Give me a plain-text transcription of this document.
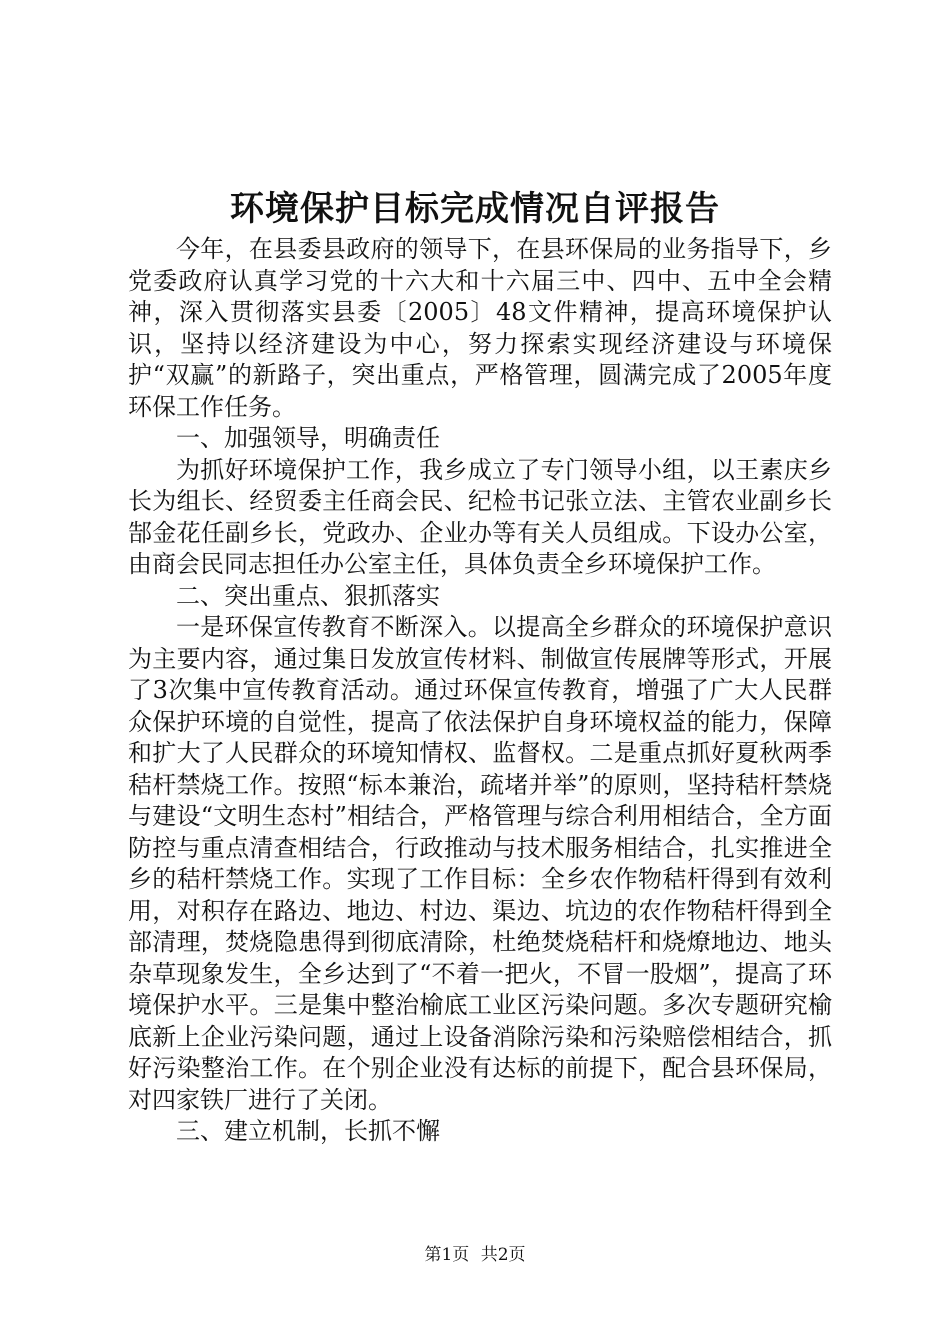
环境保护目标完成情况自评报告

今年，在县委县政府的领导下，在县环保局的业务指导下，乡党委政府认真学习党的十六大和十六届三中、四中、五中全会精神，深入贯彻落实县委〔2005〕48文件精神，提高环境保护认识，坚持以经济建设为中心，努力探索实现经济建设与环境保护“双赢”的新路子，突出重点，严格管理，圆满完成了2005年度环保工作任务。

一、加强领导，明确责任

为抓好环境保护工作，我乡成立了专门领导小组，以王素庆乡长为组长、经贸委主任商会民、纪检书记张立法、主管农业副乡长郜金花任副乡长，党政办、企业办等有关人员组成。下设办公室，由商会民同志担任办公室主任，具体负责全乡环境保护工作。

二、突出重点、狠抓落实

一是环保宣传教育不断深入。以提高全乡群众的环境保护意识为主要内容，通过集日发放宣传材料、制做宣传展牌等形式，开展了3次集中宣传教育活动。通过环保宣传教育，增强了广大人民群众保护环境的自觉性，提高了依法保护自身环境权益的能力，保障和扩大了人民群众的环境知情权、监督权。二是重点抓好夏秋两季秸杆禁烧工作。按照“标本兼治，疏堵并举”的原则，坚持秸杆禁烧与建设“文明生态村”相结合，严格管理与综合利用相结合，全方面防控与重点清查相结合，行政推动与技术服务相结合，扎实推进全乡的秸杆禁烧工作。实现了工作目标：全乡农作物秸杆得到有效利用，对积存在路边、地边、村边、渠边、坑边的农作物秸杆得到全部清理，焚烧隐患得到彻底清除，杜绝焚烧秸杆和烧燎地边、地头杂草现象发生，全乡达到了“不着一把火，不冒一股烟”，提高了环境保护水平。三是集中整治榆底工业区污染问题。多次专题研究榆底新上企业污染问题，通过上设备消除污染和污染赔偿相结合，抓好污染整治工作。在个别企业没有达标的前提下，配合县环保局，对四家铁厂进行了关闭。

三、建立机制，长抓不懈

第1页 共2页
